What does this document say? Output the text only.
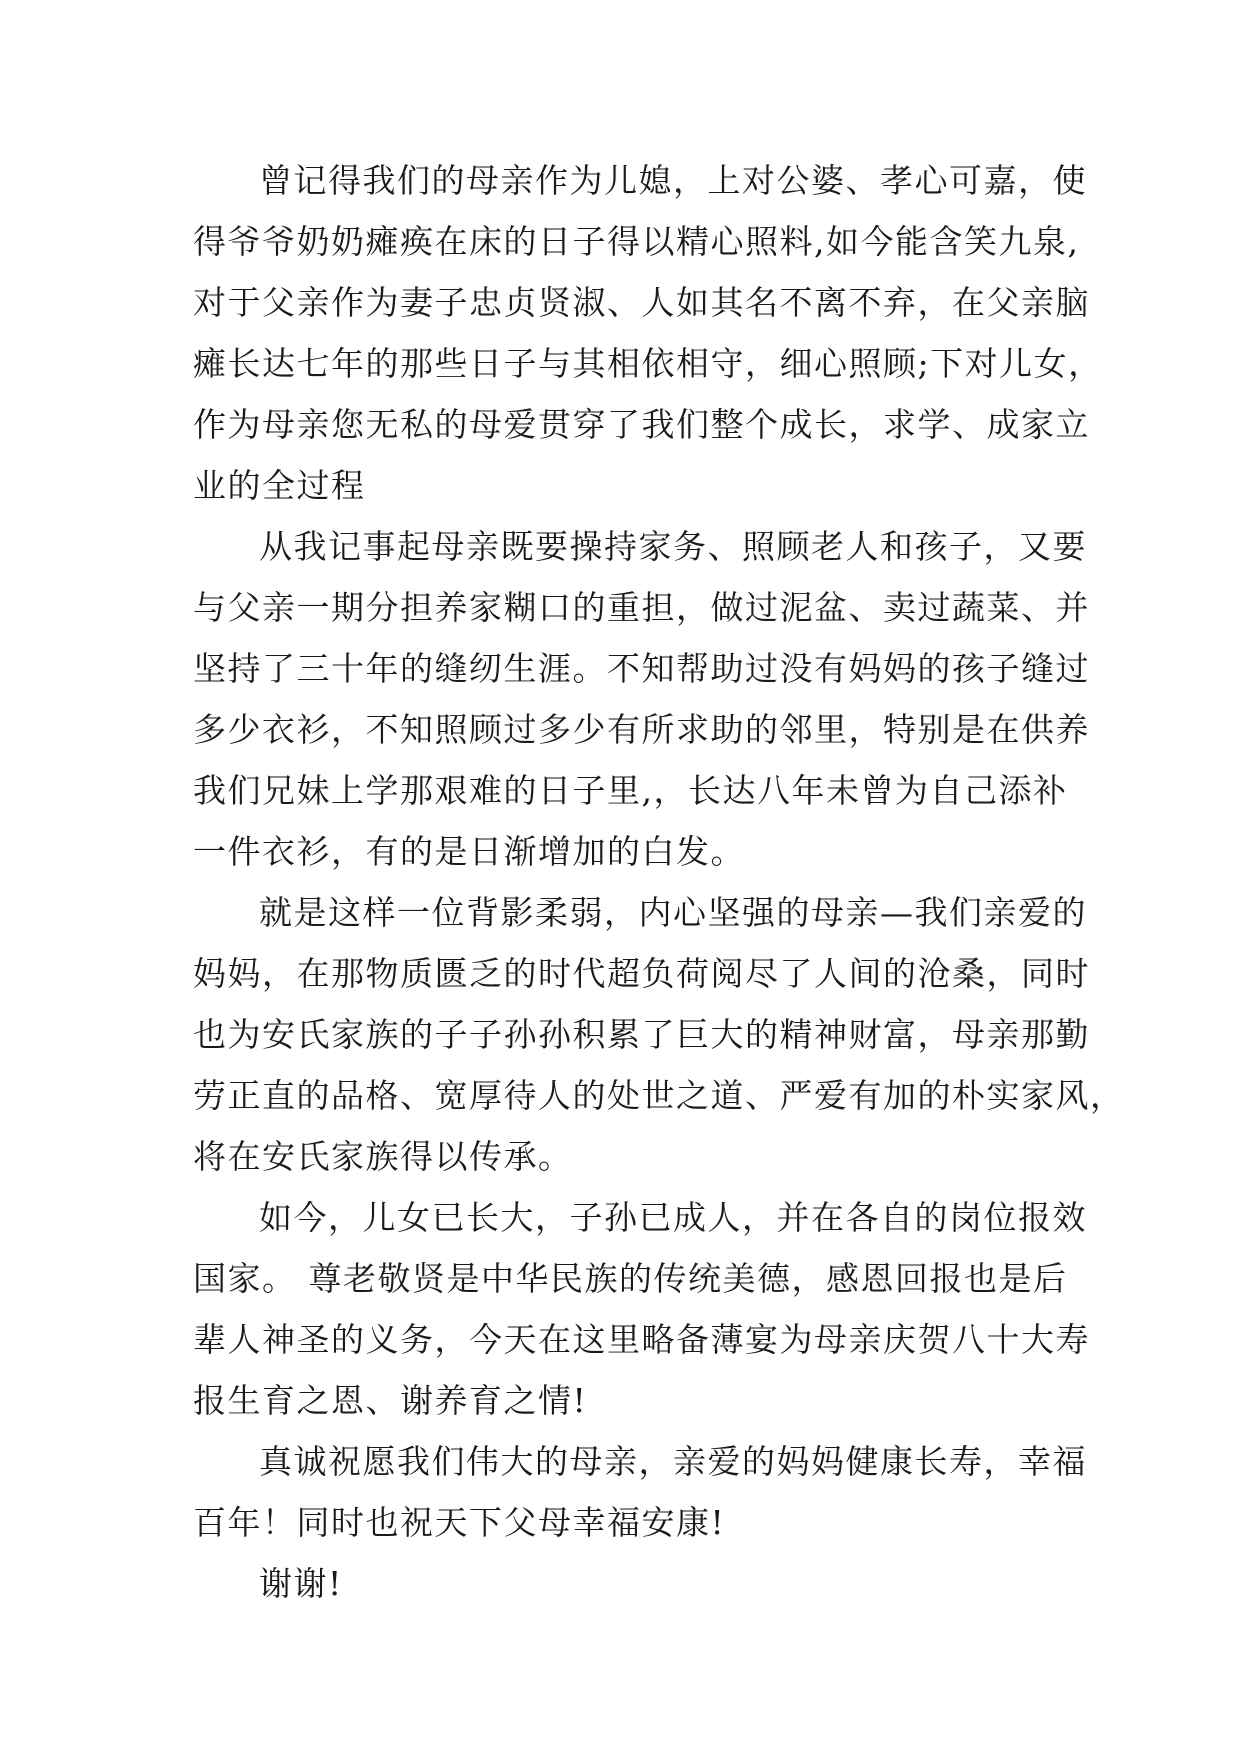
曾记得我们的母亲作为儿媳，上对公婆、孝心可嘉，使
得爷爷奶奶瘫痪在床的日子得以精心照料,如今能含笑九泉,
对于父亲作为妻子忠贞贤淑、人如其名不离不弃，在父亲脑
瘫长达七年的那些日子与其相依相守，细心照顾;下对儿女，
作为母亲您无私的母爱贯穿了我们整个成长，求学、成家立
业的全过程
从我记事起母亲既要操持家务、照顾老人和孩子，又要
与父亲一期分担养家糊口的重担，做过泥盆、卖过蔬菜、并
坚持了三十年的缝纫生涯。不知帮助过没有妈妈的孩子缝过
多少衣衫，不知照顾过多少有所求助的邻里，特别是在供养
我们兄妹上学那艰难的日子里,，长达八年未曾为自己添补
一件衣衫，有的是日渐增加的白发。
就是这样一位背影柔弱，内心坚强的母亲—我们亲爱的
妈妈，在那物质匮乏的时代超负荷阅尽了人间的沧桑，同时
也为安氏家族的子子孙孙积累了巨大的精神财富，母亲那勤
劳正直的品格、宽厚待人的处世之道、严爱有加的朴实家风，
将在安氏家族得以传承。
如今，儿女已长大，子孙已成人，并在各自的岗位报效
国家。 尊老敬贤是中华民族的传统美德，感恩回报也是后
辈人神圣的义务，今天在这里略备薄宴为母亲庆贺八十大寿
报生育之恩、谢养育之情!
真诚祝愿我们伟大的母亲，亲爱的妈妈健康长寿，幸福
百年！同时也祝天下父母幸福安康!
谢谢!
